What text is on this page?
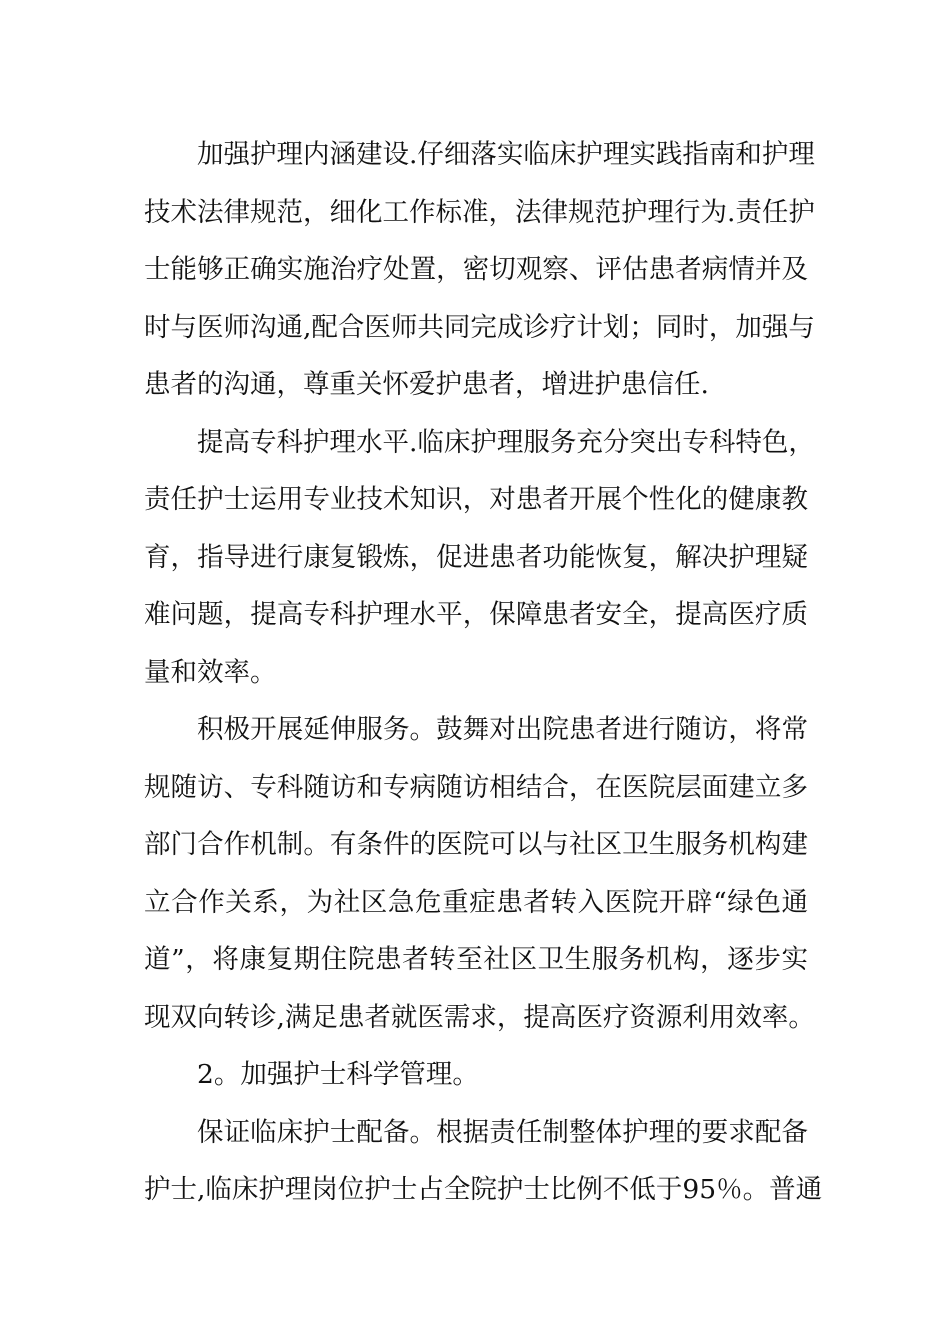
加强护理内涵建设.仔细落实临床护理实践指南和护理
技术法律规范，细化工作标准，法律规范护理行为.责任护
士能够正确实施治疗处置，密切观察、评估患者病情并及
时与医师沟通,配合医师共同完成诊疗计划；同时，加强与
患者的沟通，尊重关怀爱护患者，增进护患信任.
提高专科护理水平.临床护理服务充分突出专科特色，
责任护士运用专业技术知识，对患者开展个性化的健康教
育，指导进行康复锻炼，促进患者功能恢复，解决护理疑
难问题，提高专科护理水平，保障患者安全，提高医疗质
量和效率。
积极开展延伸服务。鼓舞对出院患者进行随访，将常
规随访、专科随访和专病随访相结合，在医院层面建立多
部门合作机制。有条件的医院可以与社区卫生服务机构建
立合作关系，为社区急危重症患者转入医院开辟“绿色通
道”，将康复期住院患者转至社区卫生服务机构，逐步实
现双向转诊,满足患者就医需求，提高医疗资源利用效率。
2。加强护士科学管理。
保证临床护士配备。根据责任制整体护理的要求配备
护士,临床护理岗位护士占全院护士比例不低于95％。普通
